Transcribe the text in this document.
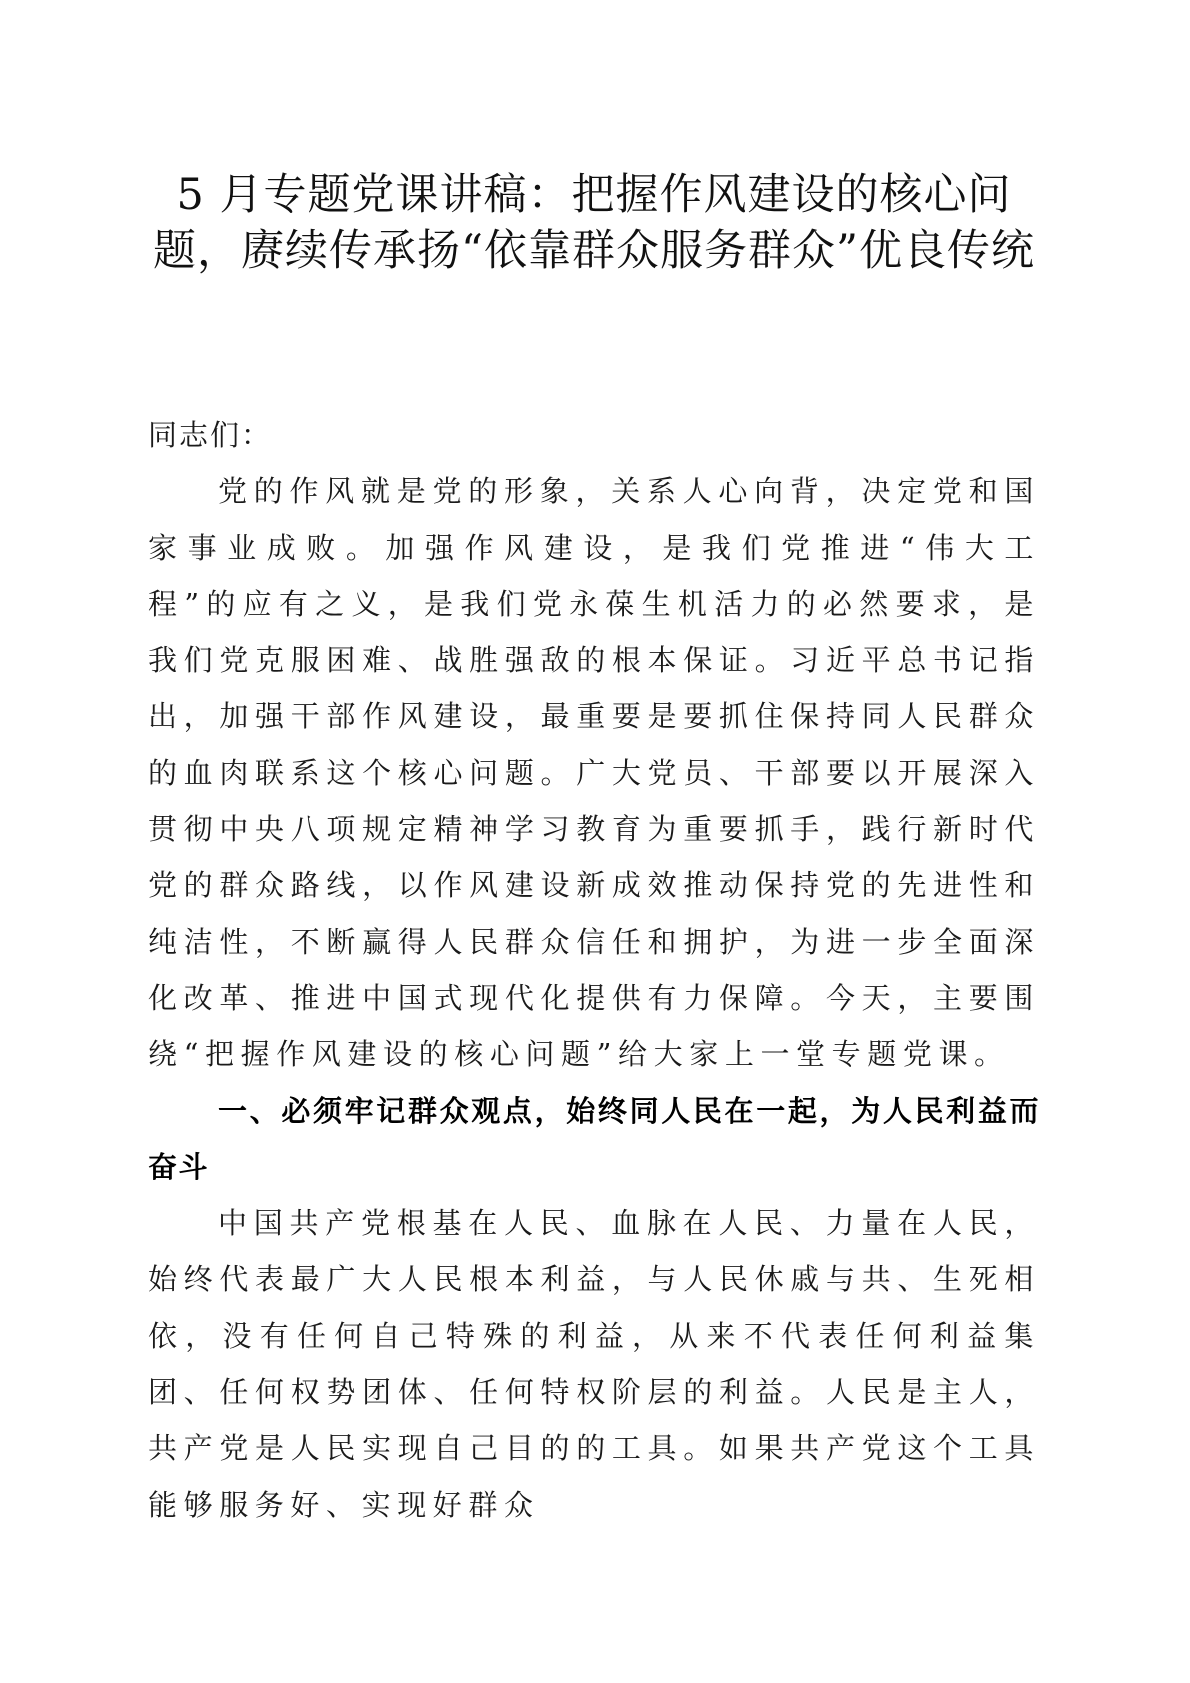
5 月专题党课讲稿：把握作风建设的核心问题，赓续传承扬“依靠群众服务群众”优良传统

同志们：

党的作风就是党的形象，关系人心向背，决定党和国家事业成败。加强作风建设，是我们党推进“伟大工程”的应有之义，是我们党永葆生机活力的必然要求，是我们党克服困难、战胜强敌的根本保证。习近平总书记指出，加强干部作风建设，最重要是要抓住保持同人民群众的血肉联系这个核心问题。广大党员、干部要以开展深入贯彻中央八项规定精神学习教育为重要抓手，践行新时代党的群众路线，以作风建设新成效推动保持党的先进性和纯洁性，不断赢得人民群众信任和拥护，为进一步全面深化改革、推进中国式现代化提供有力保障。今天，主要围绕“把握作风建设的核心问题”给大家上一堂专题党课。

一、必须牢记群众观点，始终同人民在一起，为人民利益而奋斗

中国共产党根基在人民、血脉在人民、力量在人民，始终代表最广大人民根本利益，与人民休戚与共、生死相依，没有任何自己特殊的利益，从来不代表任何利益集团、任何权势团体、任何特权阶层的利益。人民是主人，共产党是人民实现自己目的的工具。如果共产党这个工具能够服务好、实现好群众
